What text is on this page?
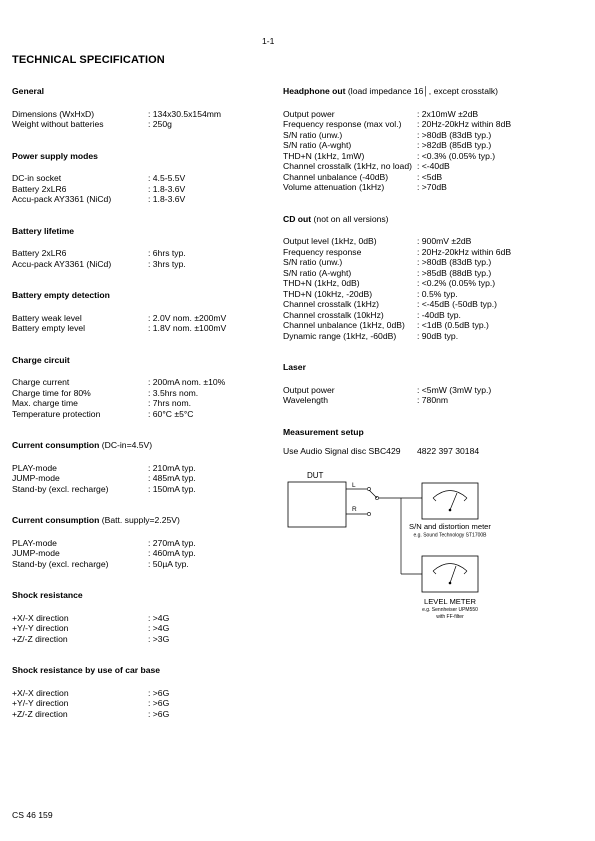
1-1
TECHNICAL SPECIFICATION
General
Dimensions (WxHxD)	: 134x30.5x154mm
Weight without batteries	: 250g
Power supply modes
DC-in socket	: 4.5-5.5V
Battery 2xLR6	: 1.8-3.6V
Accu-pack AY3361 (NiCd)	: 1.8-3.6V
Battery lifetime
Battery 2xLR6	: 6hrs typ.
Accu-pack AY3361 (NiCd)	: 3hrs typ.
Battery empty detection
Battery weak level	: 2.0V nom. ±200mV
Battery empty level	: 1.8V nom. ±100mV
Charge circuit
Charge current	: 200mA nom. ±10%
Charge time for 80%	: 3.5hrs nom.
Max. charge time	: 7hrs nom.
Temperature protection	: 60°C ±5°C
Current consumption (DC-in=4.5V)
PLAY-mode	: 210mA typ.
JUMP-mode	: 485mA typ.
Stand-by (excl. recharge)	: 150mA typ.
Current consumption (Batt. supply=2.25V)
PLAY-mode	: 270mA typ.
JUMP-mode	: 460mA typ.
Stand-by (excl. recharge)	: 50µA typ.
Shock resistance
+X/-X direction	: >4G
+Y/-Y direction	: >4G
+Z/-Z direction	: >3G
Shock resistance by use of car base
+X/-X direction	: >6G
+Y/-Y direction	: >6G
+Z/-Z direction	: >6G
Headphone out (load impedance 16│, except crosstalk)
Output power	: 2x10mW ±2dB
Frequency response (max vol.) : 20Hz-20kHz within 8dB
S/N ratio (unw.)	: >80dB (83dB typ.)
S/N ratio (A-wght)	: >82dB (85dB typ.)
THD+N (1kHz, 1mW)	: <0.3% (0.05% typ.)
Channel crosstalk (1kHz, no load) : <-40dB
Channel unbalance (-40dB)	: <5dB
Volume attenuation (1kHz)	: >70dB
CD out (not on all versions)
Output level (1kHz, 0dB)	: 900mV ±2dB
Frequency response	: 20Hz-20kHz within 6dB
S/N ratio (unw.)	: >80dB (83dB typ.)
S/N ratio (A-wght)	: >85dB (88dB typ.)
THD+N (1kHz, 0dB)	: <0.2% (0.05% typ.)
THD+N (10kHz, -20dB)	: 0.5% typ.
Channel crosstalk (1kHz)	: <-45dB (-50dB typ.)
Channel crosstalk (10kHz)	: -40dB typ.
Channel unbalance (1kHz, 0dB) : <1dB (0.5dB typ.)
Dynamic range (1kHz, -60dB) : 90dB typ.
Laser
Output power	: <5mW (3mW typ.)
Wavelength	: 780nm
Measurement setup
Use Audio Signal disc SBC429 4822 397 30184
DUT
L
R
S/N and distortion meter
e.g. Sound Technology ST1700B
LEVEL METER
e.g. Sennheiser UPM550
with FF-filter
CS 46 159
